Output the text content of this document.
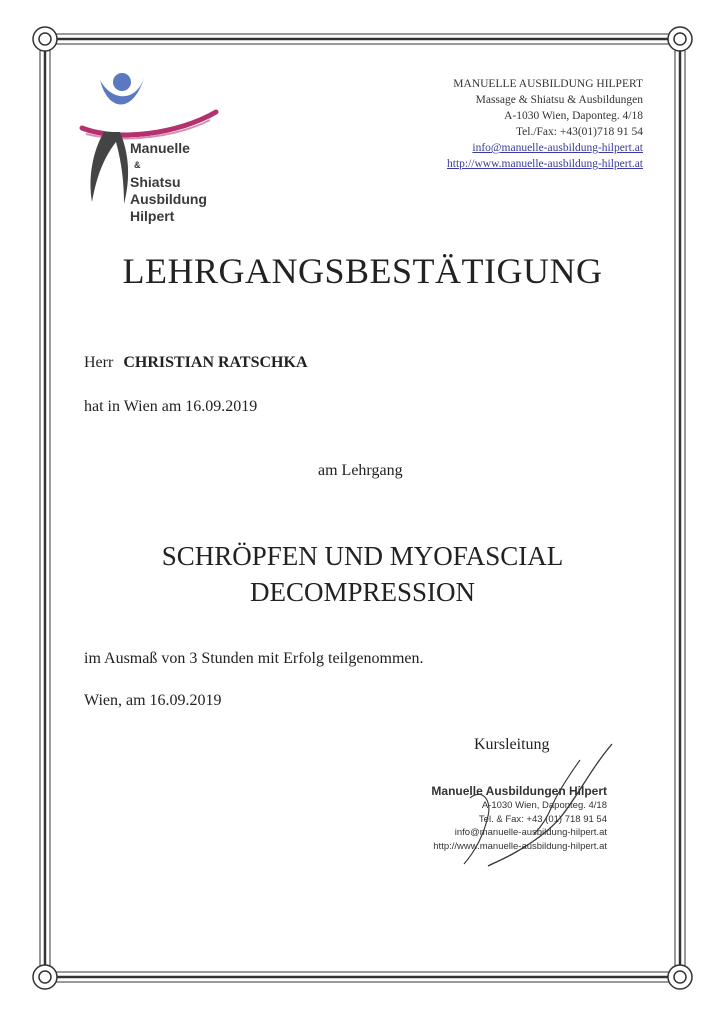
Manuelle
&
Shiatsu
Ausbildung
Hilpert
MANUELLE AUSBILDUNG HILPERT
Massage & Shiatsu & Ausbildungen
A-1030 Wien, Daponteg. 4/18
Tel./Fax: +43(01)718 91 54
info@manuelle-ausbildung-hilpert.at
http://www.manuelle-ausbildung-hilpert.at
LEHRGANGSBESTÄTIGUNG
Herr CHRISTIAN RATSCHKA
hat in Wien am 16.09.2019
am Lehrgang
SCHRÖPFEN UND MYOFASCIAL
DECOMPRESSION
im Ausmaß von 3 Stunden mit Erfolg teilgenommen.
Wien, am 16.09.2019
Kursleitung
Manuelle Ausbildungen Hilpert
A-1030 Wien, Daponteg. 4/18
Tel. & Fax: +43 (01) 718 91 54
info@manuelle-ausbildung-hilpert.at
http://www.manuelle-ausbildung-hilpert.at
